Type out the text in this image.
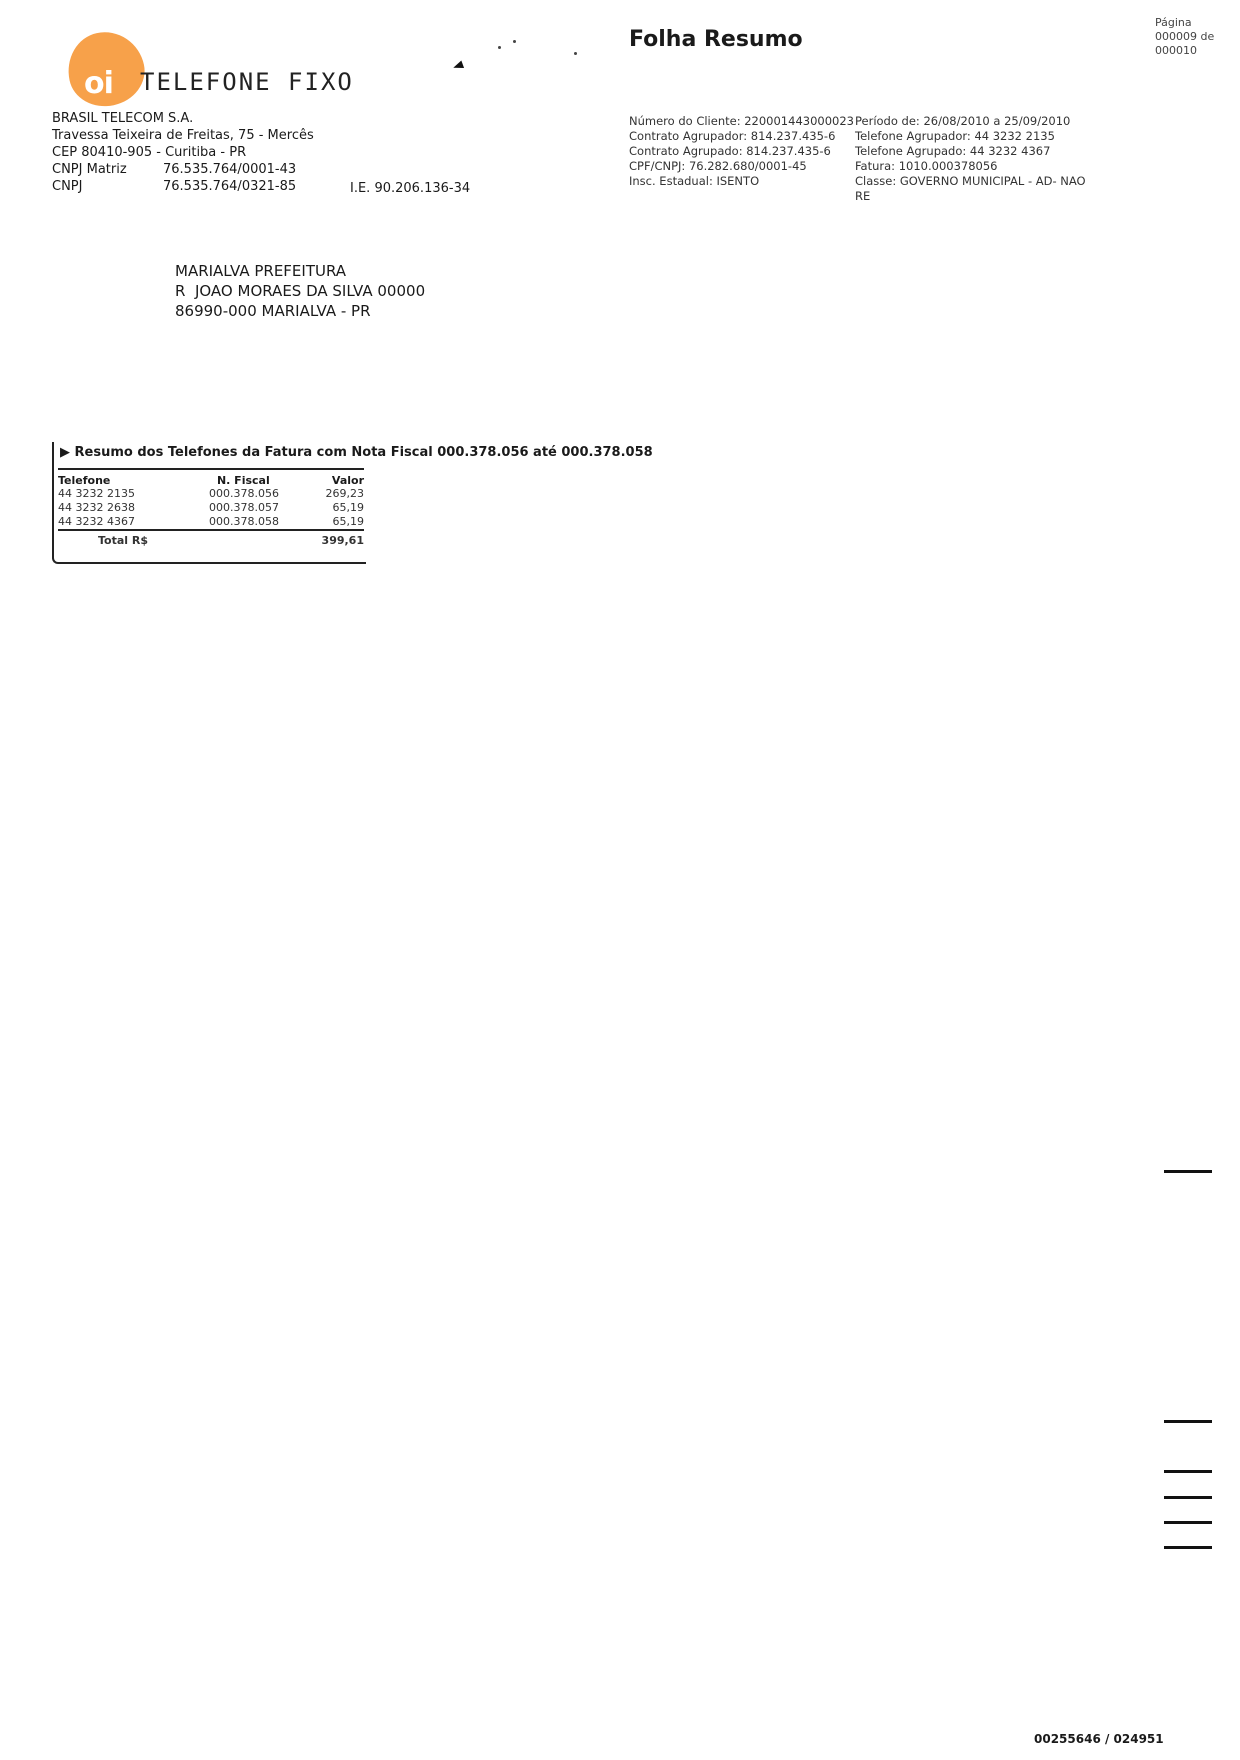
oi TELEFONE FIXO
BRASIL TELECOM S.A.
Travessa Teixeira de Freitas, 75 - Mercês
CEP 80410-905 - Curitiba - PR
CNPJ Matriz	76.535.764/0001-43
CNPJ	76.535.764/0321-85	I.E. 90.206.136-34
Folha Resumo
Página
000009 de
000010
Número do Cliente: 220001443000023
Contrato Agrupador: 814.237.435-6
Contrato Agrupado: 814.237.435-6
CPF/CNPJ: 76.282.680/0001-45
Insc. Estadual: ISENTO
Período de: 26/08/2010 a 25/09/2010
Telefone Agrupador: 44 3232 2135
Telefone Agrupado: 44 3232 4367
Fatura: 1010.000378056
Classe: GOVERNO MUNICIPAL - AD- NAO RE
MARIALVA PREFEITURA
R  JOAO MORAES DA SILVA 00000
86990-000 MARIALVA - PR
▶ Resumo dos Telefones da Fatura com Nota Fiscal 000.378.056 até 000.378.058
Telefone	N. Fiscal	Valor
44 3232 2135	000.378.056	269,23
44 3232 2638	000.378.057	65,19
44 3232 4367	000.378.058	65,19
Total R$		399,61
00255646 / 024951
